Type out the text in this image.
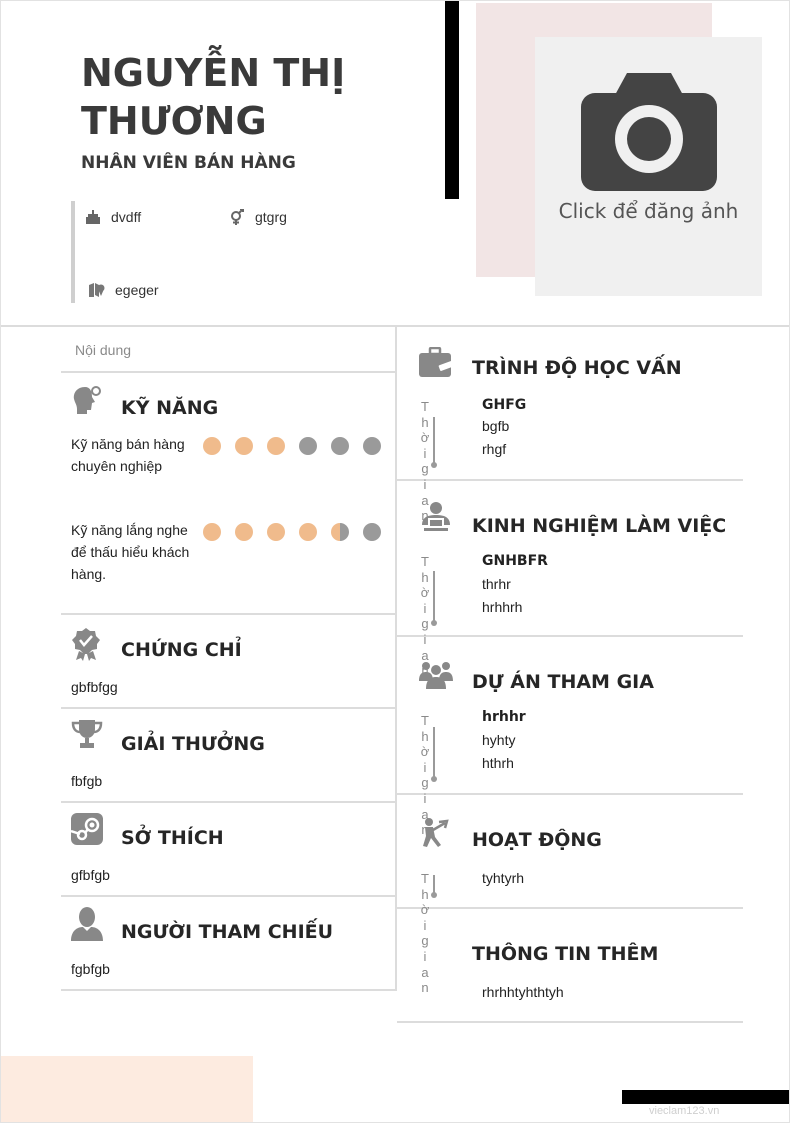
NGUYỄN THỊ
THƯƠNG
NHÂN VIÊN BÁN HÀNG
Click để đăng ảnh
dvdff	gtgrg
egeger
Nội dung
KỸ NĂNG
Kỹ năng bán hàng chuyên nghiệp
Kỹ năng lắng nghe để thấu hiểu khách hàng.
CHỨNG CHỈ
gbfbfgg
GIẢI THƯỞNG
fbfgb
SỞ THÍCH
gfbfgb
NGƯỜI THAM CHIẾU
fgbfgb
TRÌNH ĐỘ HỌC VẤN
GHFG
bgfb
rhgf
KINH NGHIỆM LÀM VIỆC
GNHBFR
thrhr
hrhhrh
DỰ ÁN THAM GIA
hrhhr
hyhty
hthrh
HOẠT ĐỘNG
tyhtyrh
THÔNG TIN THÊM
rhrhhtyhthtyh
Thời gian
Thời gian
Thời gian
Thời gian
vieclam123.vn
